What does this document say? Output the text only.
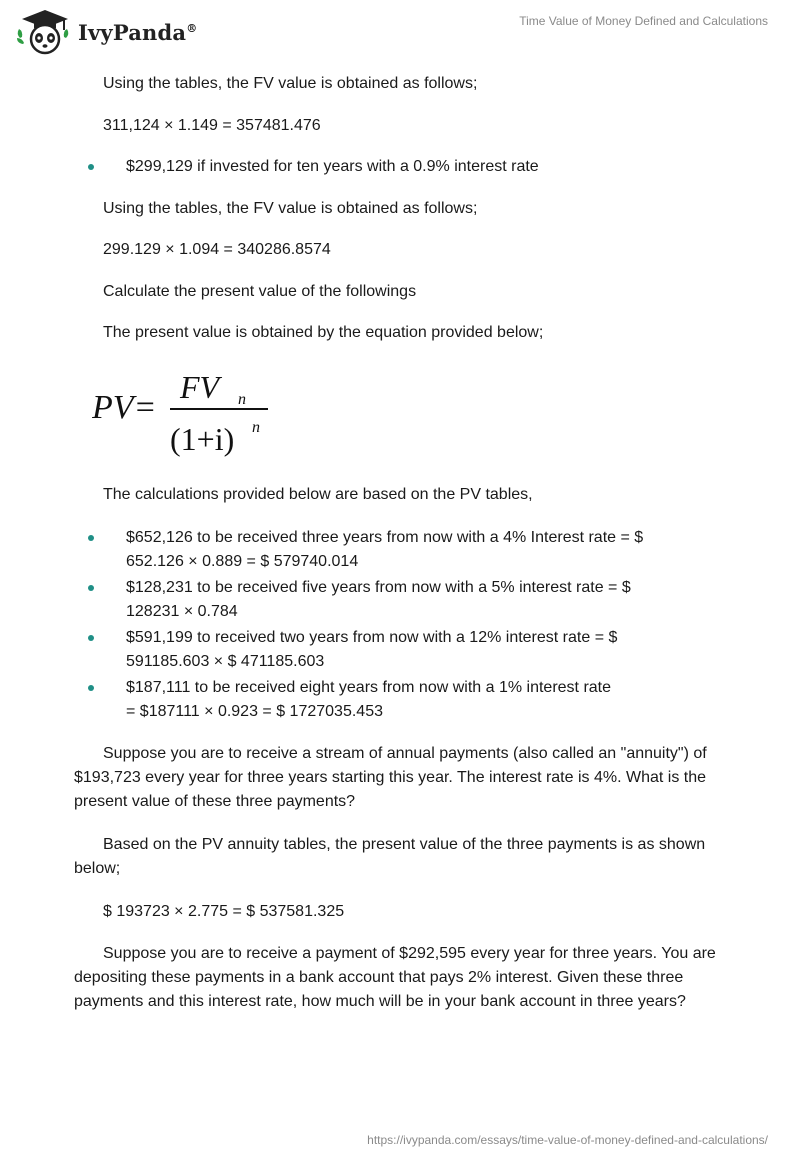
IvyPanda®
Time Value of Money Defined and Calculations

Using the tables, the FV value is obtained as follows;

311,124 × 1.149 = 357481.476

$299,129 if invested for ten years with a 0.9% interest rate

Using the tables, the FV value is obtained as follows;

299.129 × 1.094 = 340286.8574

Calculate the present value of the followings

The present value is obtained by the equation provided below;

The calculations provided below are based on the PV tables,

$652,126 to be received three years from now with a 4% Interest rate = $
652.126 × 0.889 = $ 579740.014
$128,231 to be received five years from now with a 5% interest rate = $
128231 × 0.784
$591,199 to received two years from now with a 12% interest rate = $
591185.603 × $ 471185.603
$187,111 to be received eight years from now with a 1% interest rate
= $187111 × 0.923 = $ 1727035.453

Suppose you are to receive a stream of annual payments (also called an "annuity") of $193,723 every year for three years starting this year. The interest rate is 4%. What is the present value of these three payments?

Based on the PV annuity tables, the present value of the three payments is as shown below;

$ 193723 × 2.775 = $ 537581.325

Suppose you are to receive a payment of $292,595 every year for three years. You are depositing these payments in a bank account that pays 2% interest. Given these three payments and this interest rate, how much will be in your bank account in three years?

PV=
FV n
(1+i) n
https://ivypanda.com/essays/time-value-of-money-defined-and-calculations/
